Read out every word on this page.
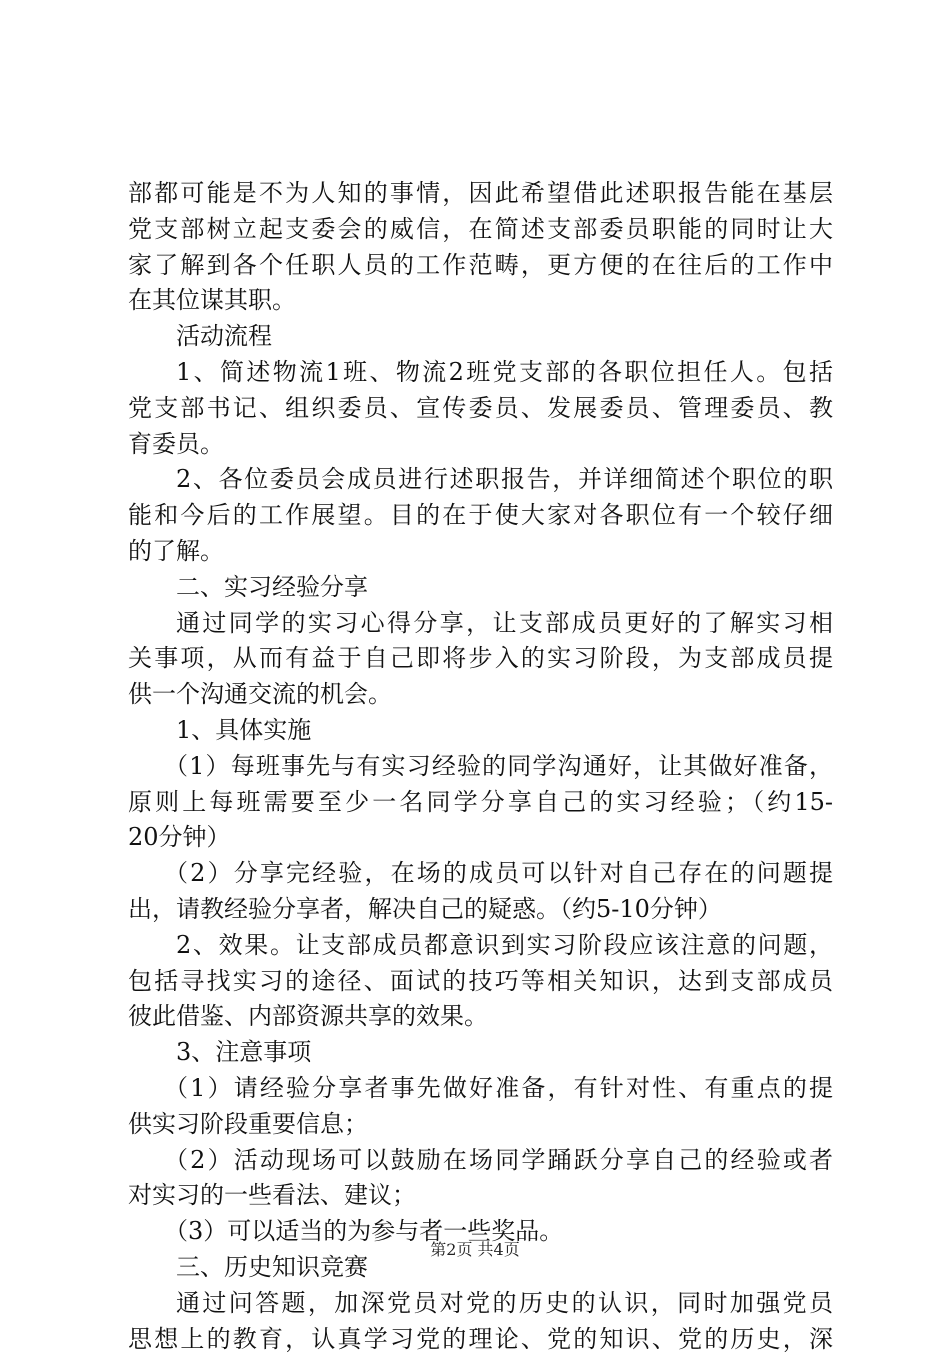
部都可能是不为人知的事情，因此希望借此述职报告能在基层
党支部树立起支委会的威信，在简述支部委员职能的同时让大
家了解到各个任职人员的工作范畴，更方便的在往后的工作中
在其位谋其职。
活动流程
1、简述物流1班、物流2班党支部的各职位担任人。包括
党支部书记、组织委员、宣传委员、发展委员、管理委员、教
育委员。
2、各位委员会成员进行述职报告，并详细简述个职位的职
能和今后的工作展望。目的在于使大家对各职位有一个较仔细
的了解。
二、实习经验分享
通过同学的实习心得分享，让支部成员更好的了解实习相
关事项，从而有益于自己即将步入的实习阶段，为支部成员提
供一个沟通交流的机会。
1、具体实施
（1）每班事先与有实习经验的同学沟通好，让其做好准备，
原则上每班需要至少一名同学分享自己的实习经验；（约15-
20分钟）
（2）分享完经验，在场的成员可以针对自己存在的问题提
出，请教经验分享者，解决自己的疑惑。（约5-10分钟）
2、效果。让支部成员都意识到实习阶段应该注意的问题，
包括寻找实习的途径、面试的技巧等相关知识，达到支部成员
彼此借鉴、内部资源共享的效果。
3、注意事项
（1）请经验分享者事先做好准备，有针对性、有重点的提
供实习阶段重要信息；
（2）活动现场可以鼓励在场同学踊跃分享自己的经验或者
对实习的一些看法、建议；
（3）可以适当的为参与者一些奖品。
三、历史知识竞赛
通过问答题，加深党员对党的历史的认识，同时加强党员
思想上的教育，认真学习党的理论、党的知识、党的历史，深
第2页 共4页
